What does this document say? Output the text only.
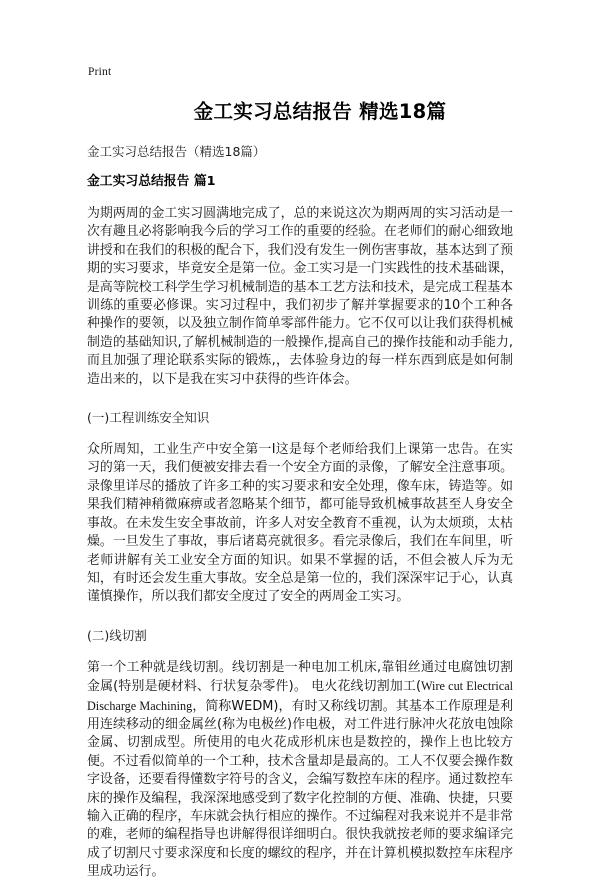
Print
金工实习总结报告 精选18篇

金工实习总结报告（精选18篇）

金工实习总结报告 篇1

为期两周的金工实习圆满地完成了，总的来说这次为期两周的实习活动是一次有趣且必将影响我今后的学习工作的重要的经验。在老师们的耐心细致地讲授和在我们的积极的配合下，我们没有发生一例伤害事故，基本达到了预期的实习要求，毕竟安全是第一位。金工实习是一门实践性的技术基础课，是高等院校工科学生学习机械制造的基本工艺方法和技术，是完成工程基本训练的重要必修课。实习过程中，我们初步了解并掌握要求的10个工种各种操作的要领，以及独立制作简单零部件能力。它不仅可以让我们获得机械制造的基础知识,了解机械制造的一般操作,提高自己的操作技能和动手能力,而且加强了理论联系实际的锻炼,，去体验身边的每一样东西到底是如何制造出来的，以下是我在实习中获得的些许体会。

(一)工程训练安全知识

众所周知，工业生产中安全第一I这是每个老师给我们上课第一忠告。在实习的第一天，我们便被安排去看一个安全方面的录像，了解安全注意事项。录像里详尽的播放了许多工种的实习要求和安全处理，像车床，铸造等。如果我们精神稍微麻痹或者忽略某个细节，都可能导致机械事故甚至人身安全事故。在未发生安全事故前，许多人对安全教育不重视，认为太烦琐，太枯燥。一旦发生了事故，事后诸葛亮就很多。看完录像后，我们在车间里，听老师讲解有关工业安全方面的知识。如果不掌握的话，不但会被人斥为无知，有时还会发生重大事故。安全总是第一位的，我们深深牢记于心，认真谨慎操作，所以我们都安全度过了安全的两周金工实习。

(二)线切割

第一个工种就是线切割。线切割是一种电加工机床,靠钼丝通过电腐蚀切割金属(特别是硬材料、行状复杂零件)。 电火花线切割加工(Wire cut Electrical Discharge Machining，简称WEDM)，有时又称线切割。其基本工作原理是利用连续移动的细金属丝(称为电极丝)作电极，对工件进行脉冲火花放电蚀除金属、切割成型。所使用的电火花成形机床也是数控的，操作上也比较方便。不过看似简单的一个工种，技术含量却是最高的。工人不仅要会操作数字设备，还要看得懂数字符号的含义，会编写数控车床的程序。通过数控车床的操作及编程，我深深地感受到了数字化控制的方便、准确、快捷，只要输入正确的程序，车床就会执行相应的操作。不过编程对我来说并不是非常的难，老师的编程指导也讲解得很详细明白。很快我就按老师的要求编译完成了切割尺寸要求深度和长度的螺纹的程序，并在计算机模拟数控车床程序里成功运行。
